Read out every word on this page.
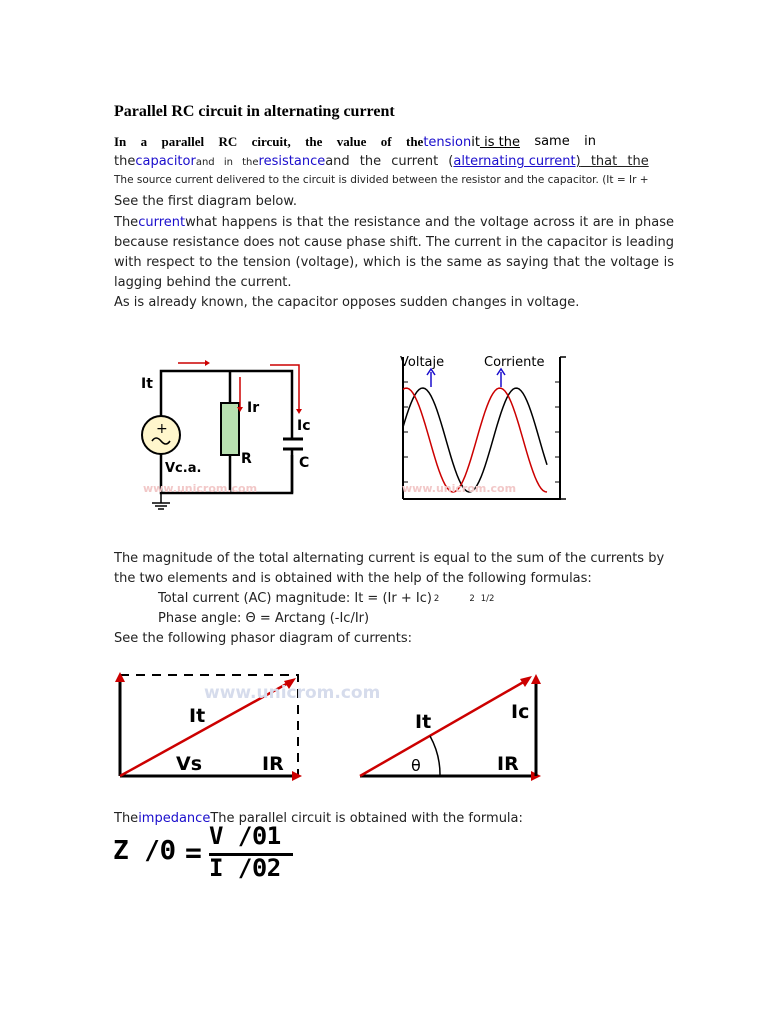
Parallel RC circuit in alternating current
In a parallel RC circuit, the value of thetensionit is the same in
thecapacitorand in theresistanceand the current (alternating current) that the
The source current delivered to the circuit is divided between the resistor and the capacitor. (It = Ir +
See the first diagram below.

Thecurrentwhat happens is that the resistance and the voltage across it are in phase because resistance does not cause phase shift. The current in the capacitor is leading with respect to the tension (voltage), which is the same as saying that the voltage is lagging behind the current.

As is already known, the capacitor opposes sudden changes in voltage.

+
It
Ir
Ic
R	C
Vc.a.
www.unicrom.com
Voltaje	Corriente
www.unicrom.com

The magnitude of the total alternating current is equal to the sum of the currents by the two elements and is obtained with the help of the following formulas:

Total current (AC) magnitude: It = (Ir + Ic) 2	2 1/2
Phase angle: Θ = Arctang (-Ic/Ir)

See the following phasor diagram of currents:

www.unicrom.com
It
Vs	IR
It	Ic
IR
θ
TheimpedanceThe parallel circuit is obtained with the formula:
Z /Θ = V /Θ1
I /Θ2
